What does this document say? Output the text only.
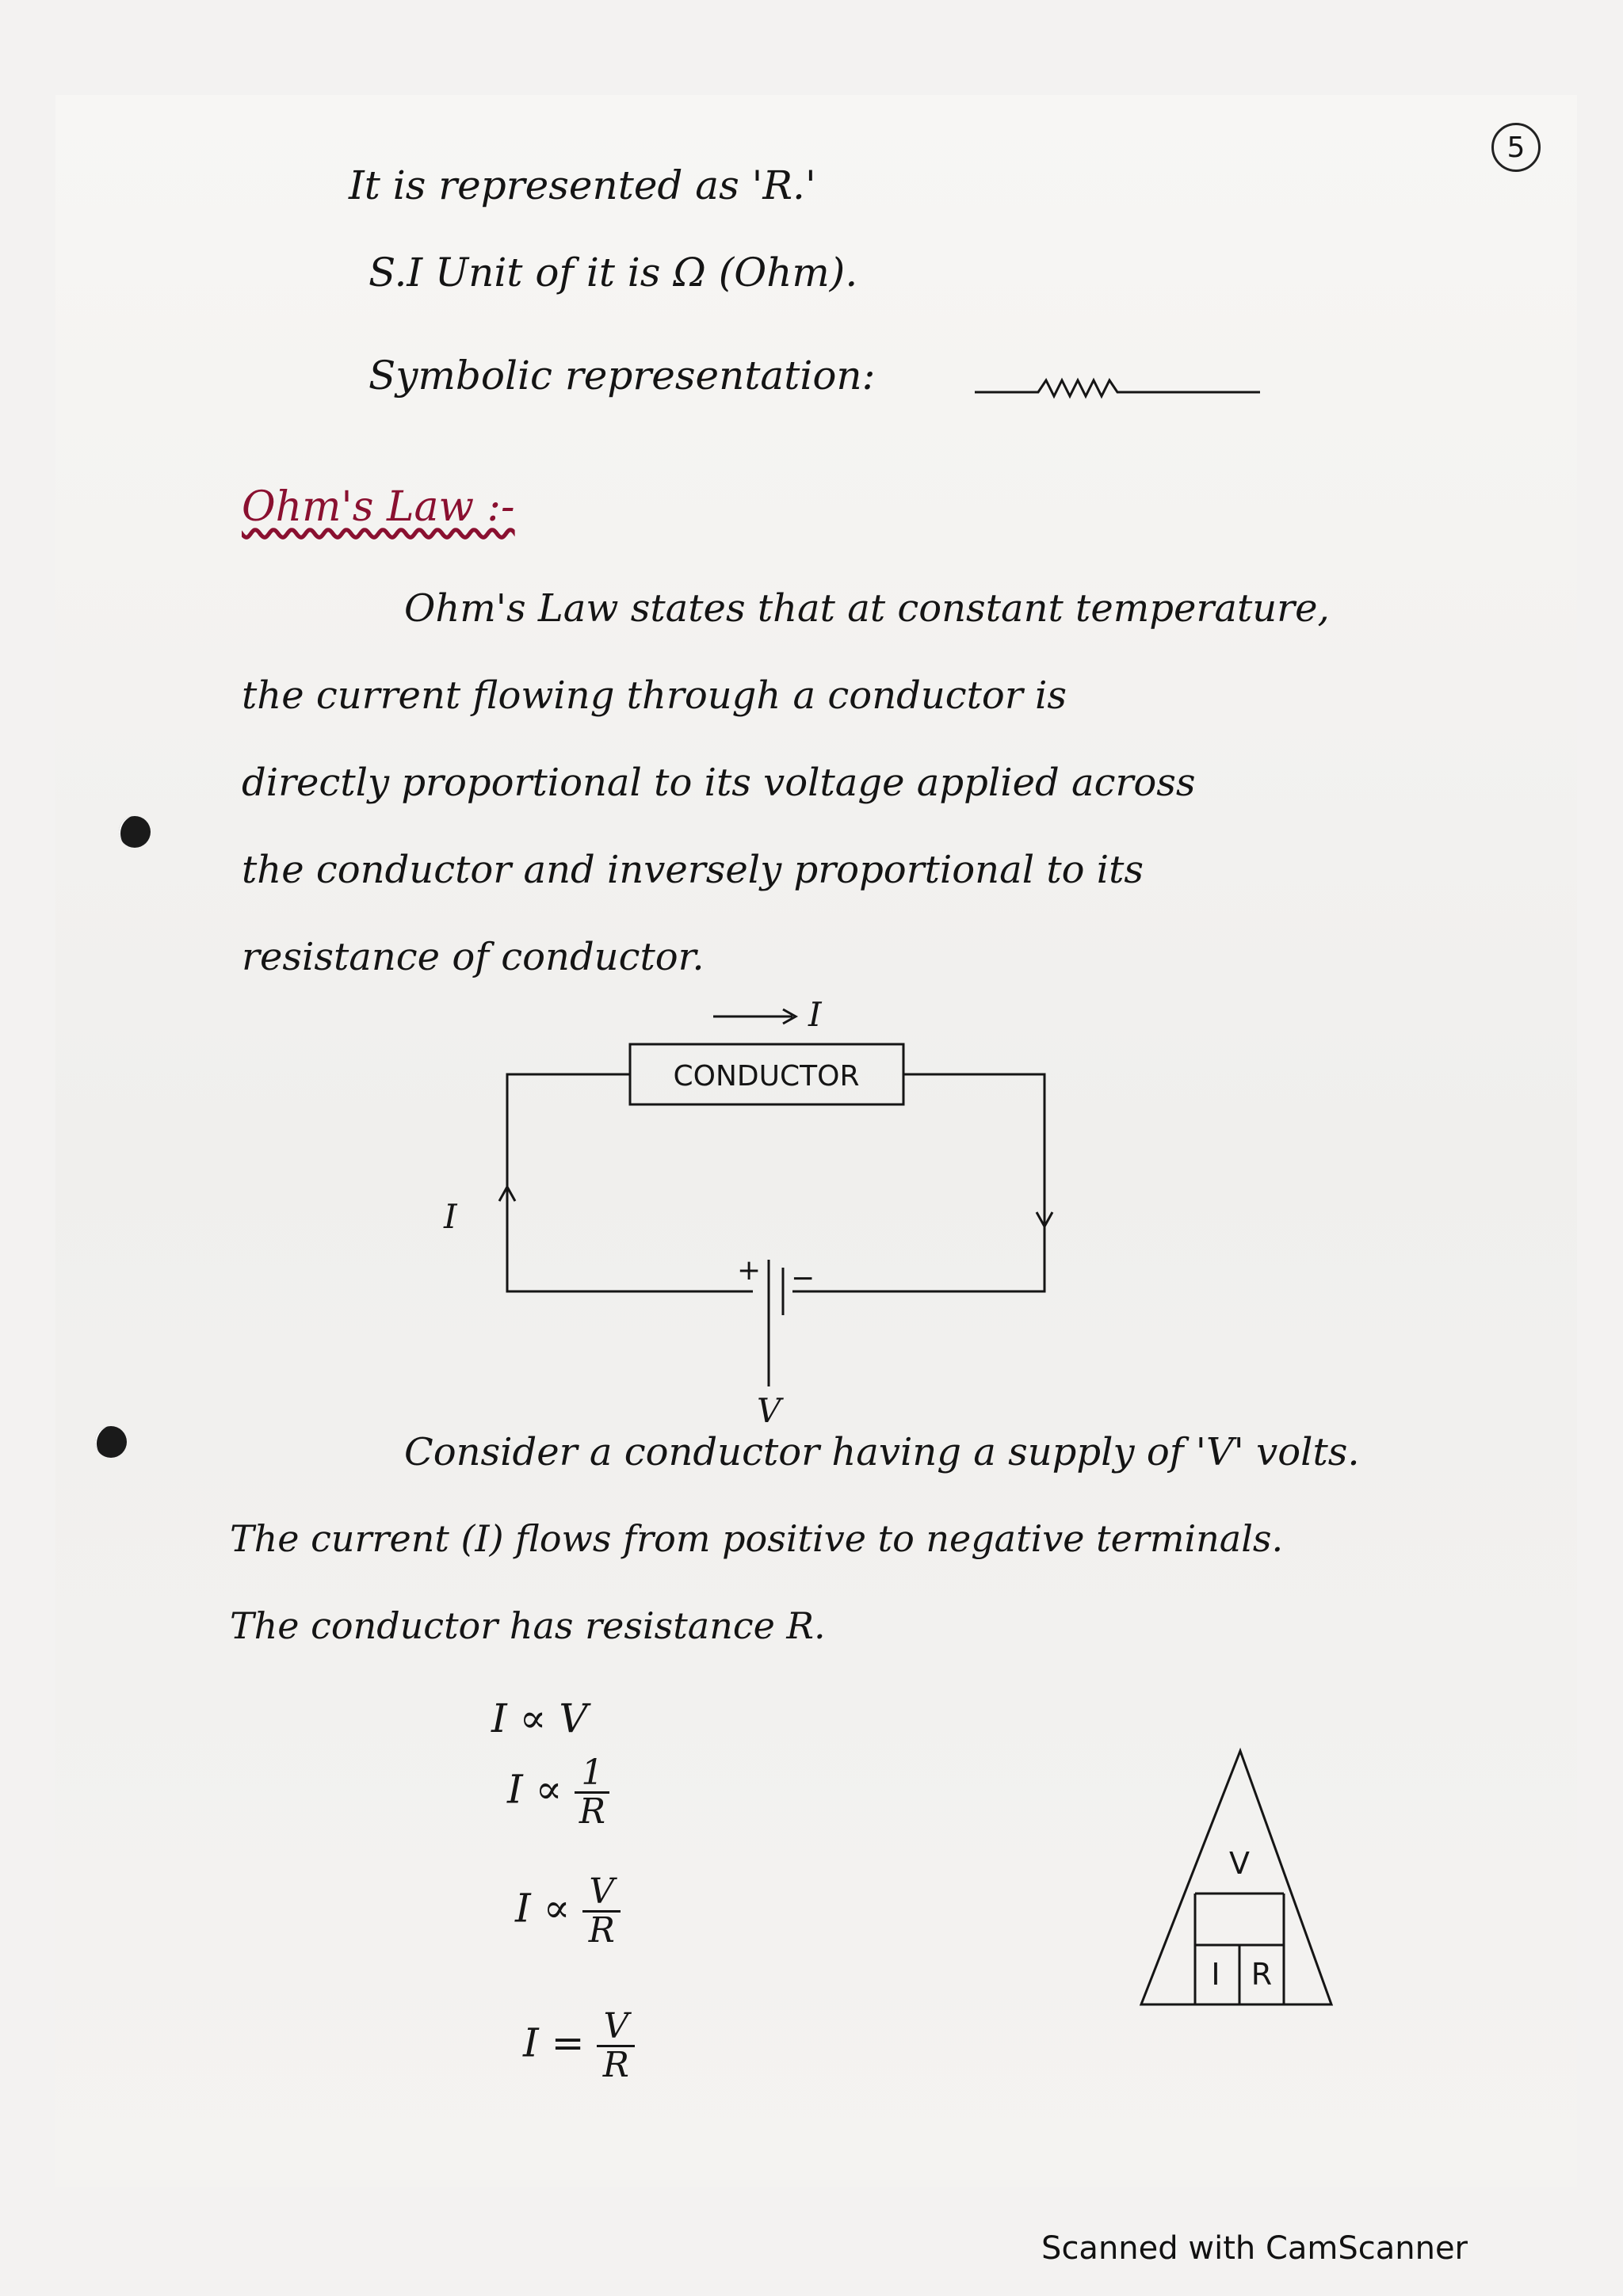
5
It is represented as 'R.'
S.I Unit of it is Ω (Ohm).
Symbolic representation:
Ohm's Law :-
Ohm's Law states that at constant temperature,
the current flowing through a conductor is
directly proportional to its voltage applied across
the conductor and inversely proportional to its
resistance of conductor.
I
CONDUCTOR
I
+ −
V
Consider a conductor having a supply of 'V' volts.
The current (I) flows from positive to negative terminals.
The conductor has resistance R.
I ∝ V
$I \propto \frac{1}{R}$
$I \propto \frac{V}{R}$
$I = \frac{V}{R}$
V
I R
Scanned with CamScanner
